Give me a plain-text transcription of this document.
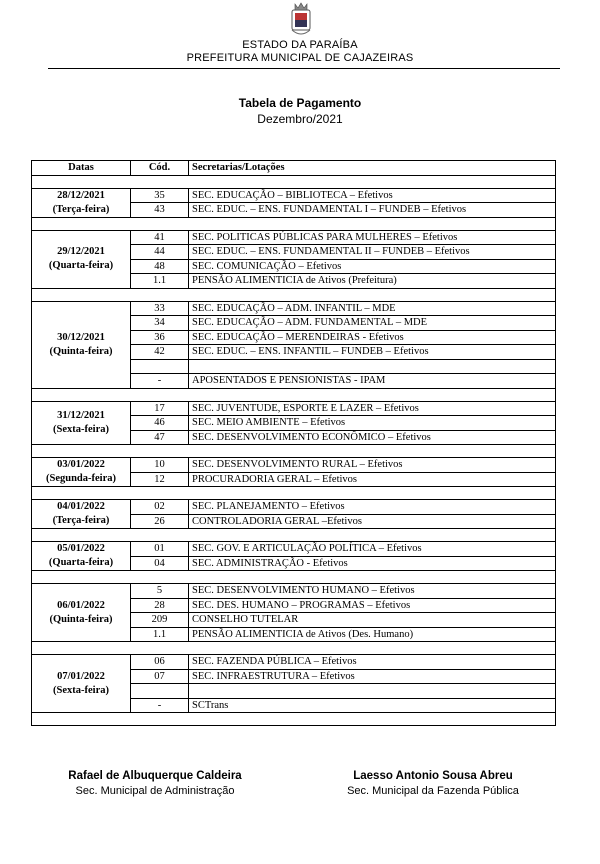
ESTADO DA PARAÍBA
PREFEITURA MUNICIPAL DE CAJAZEIRAS
Tabela de Pagamento
Dezembro/2021
Datas	Cód.	Secretarias/Lotações

28/12/2021
(Terça-feira)	35	SEC. EDUCAÇÃO – BIBLIOTECA – Efetivos
	43	SEC. EDUC. – ENS. FUNDAMENTAL I – FUNDEB – Efetivos

29/12/2021
(Quarta-feira)	41	SEC. POLITICAS PÚBLICAS PARA MULHERES – Efetivos
	44	SEC. EDUC. – ENS. FUNDAMENTAL II – FUNDEB – Efetivos
	48	SEC. COMUNICAÇÃO – Efetivos
	1.1	PENSÃO ALIMENTICIA de Ativos (Prefeitura)

30/12/2021
(Quinta-feira)	33	SEC. EDUCAÇÃO – ADM. INFANTIL – MDE
	34	SEC. EDUCAÇÃO – ADM. FUNDAMENTAL – MDE
	36	SEC. EDUCAÇÃO – MERENDEIRAS - Efetivos
	42	SEC. EDUC. – ENS. INFANTIL – FUNDEB – Efetivos

	-	APOSENTADOS E PENSIONISTAS - IPAM

31/12/2021
(Sexta-feira)	17	SEC. JUVENTUDE, ESPORTE E LAZER – Efetivos
	46	SEC. MEIO AMBIENTE – Efetivos
	47	SEC. DESENVOLVIMENTO ECONÔMICO – Efetivos

03/01/2022
(Segunda-feira)	10	SEC. DESENVOLVIMENTO RURAL – Efetivos
	12	PROCURADORIA GERAL – Efetivos

04/01/2022
(Terça-feira)	02	SEC. PLANEJAMENTO – Efetivos
	26	CONTROLADORIA GERAL –Efetivos

05/01/2022
(Quarta-feira)	01	SEC. GOV. E ARTICULAÇÃO POLÍTICA – Efetivos
	04	SEC. ADMINISTRAÇÃO - Efetivos

06/01/2022
(Quinta-feira)	5	SEC. DESENVOLVIMENTO HUMANO – Efetivos
	28	SEC. DES. HUMANO – PROGRAMAS – Efetivos
	209	CONSELHO TUTELAR
	1.1	PENSÃO ALIMENTICIA de Ativos (Des. Humano)

07/01/2022
(Sexta-feira)	06	SEC. FAZENDA PÚBLICA – Efetivos
	07	SEC. INFRAESTRUTURA – Efetivos

	-	SCTrans

Rafael de Albuquerque Caldeira
Sec. Municipal de Administração
Laesso Antonio Sousa Abreu
Sec. Municipal da Fazenda Pública
